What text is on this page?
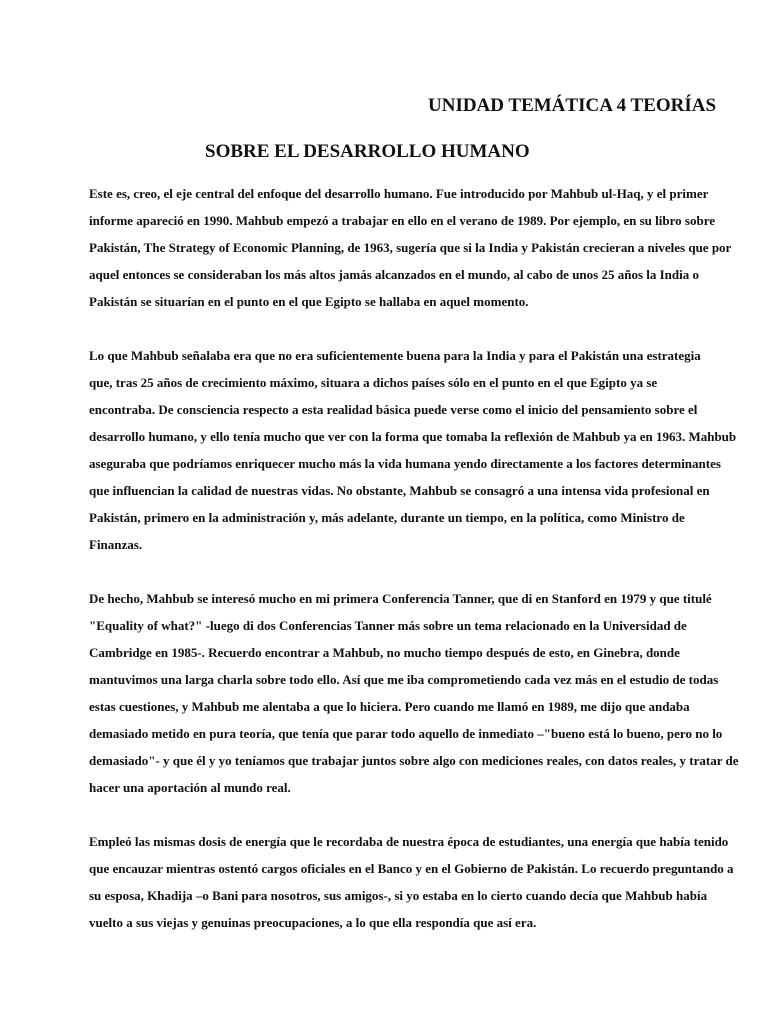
UNIDAD TEMÁTICA 4 TEORÍAS
SOBRE EL DESARROLLO HUMANO

Este es, creo, el eje central del enfoque del desarrollo humano. Fue introducido por Mahbub ul-Haq, y el primer
informe apareció en 1990. Mahbub empezó a trabajar en ello en el verano de 1989. Por ejemplo, en su libro sobre
Pakistán, The Strategy of Economic Planning, de 1963, sugería que si la India y Pakistán crecieran a niveles que por
aquel entonces se consideraban los más altos jamás alcanzados en el mundo, al cabo de unos 25 años la India o
Pakistán se situarían en el punto en el que Egipto se hallaba en aquel momento.

Lo que Mahbub señalaba era que no era suficientemente buena para la India y para el Pakistán una estrategia
que, tras 25 años de crecimiento máximo, situara a dichos países sólo en el punto en el que Egipto ya se
encontraba. De consciencia respecto a esta realidad básica puede verse como el inicio del pensamiento sobre el
desarrollo humano, y ello tenía mucho que ver con la forma que tomaba la reflexión de Mahbub ya en 1963. Mahbub
aseguraba que podríamos enriquecer mucho más la vida humana yendo directamente a los factores determinantes
que influencian la calidad de nuestras vidas. No obstante, Mahbub se consagró a una intensa vida profesional en
Pakistán, primero en la administración y, más adelante, durante un tiempo, en la política, como Ministro de
Finanzas.

De hecho, Mahbub se interesó mucho en mi primera Conferencia Tanner, que di en Stanford en 1979 y que titulé
"Equality of what?" -luego di dos Conferencias Tanner más sobre un tema relacionado en la Universidad de
Cambridge en 1985-. Recuerdo encontrar a Mahbub, no mucho tiempo después de esto, en Ginebra, donde
mantuvimos una larga charla sobre todo ello. Así que me iba comprometiendo cada vez más en el estudio de todas
estas cuestiones, y Mahbub me alentaba a que lo hiciera. Pero cuando me llamó en 1989, me dijo que andaba
demasiado metido en pura teoría, que tenía que parar todo aquello de inmediato –"bueno está lo bueno, pero no lo
demasiado"- y que él y yo teníamos que trabajar juntos sobre algo con mediciones reales, con datos reales, y tratar de
hacer una aportación al mundo real.

Empleó las mismas dosis de energía que le recordaba de nuestra época de estudiantes, una energía que había tenido
que encauzar mientras ostentó cargos oficiales en el Banco y en el Gobierno de Pakistán. Lo recuerdo preguntando a
su esposa, Khadija –o Bani para nosotros, sus amigos-, si yo estaba en lo cierto cuando decía que Mahbub había
vuelto a sus viejas y genuinas preocupaciones, a lo que ella respondía que así era.
